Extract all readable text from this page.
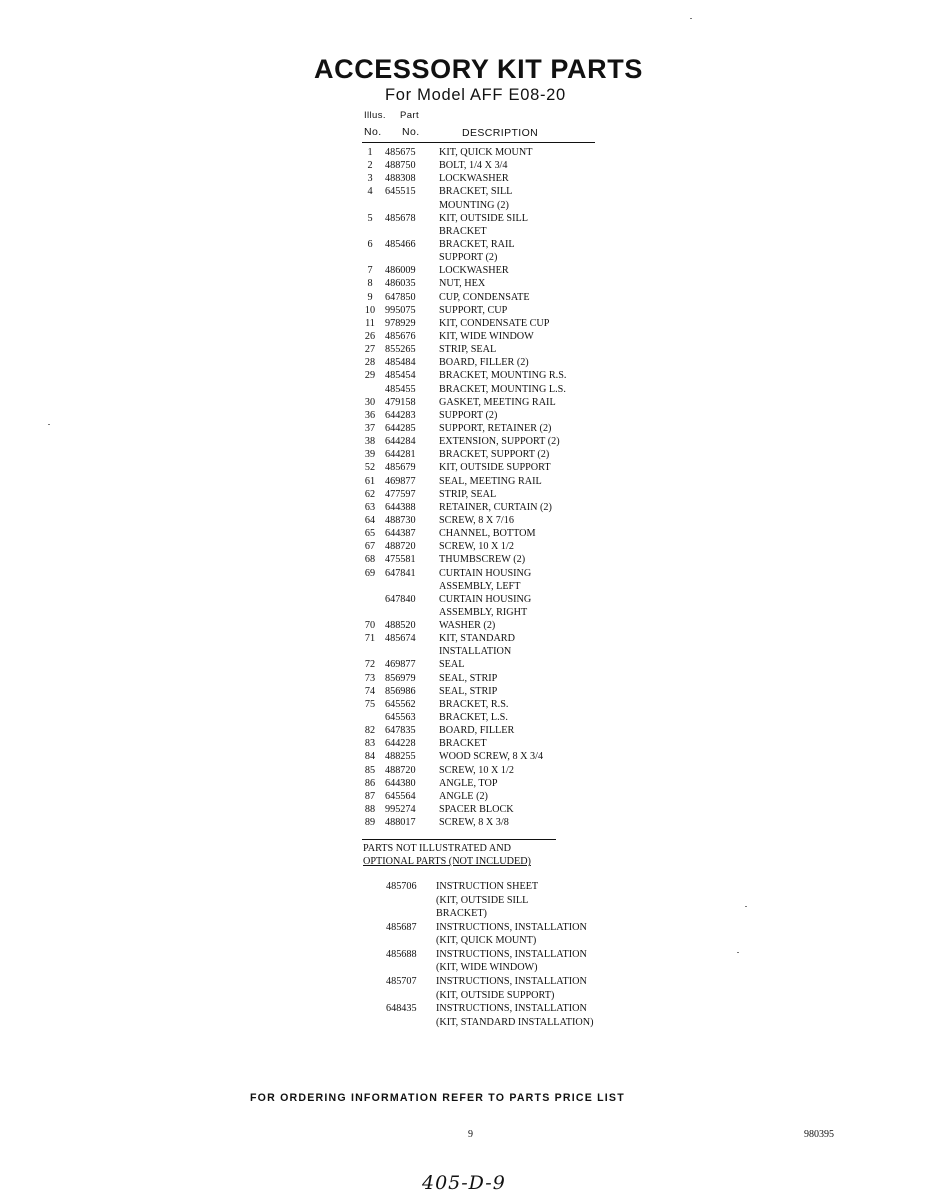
ACCESSORY KIT PARTS
For Model AFF E08-20
Illus. Part
No. No.	DESCRIPTION
1	485675 KIT, QUICK MOUNT
2	488750 BOLT, 1/4 X 3/4
3	488308 LOCKWASHER
4	645515 BRACKET, SILL
MOUNTING (2)
5	485678 KIT, OUTSIDE SILL
BRACKET
6	485466 BRACKET, RAIL
SUPPORT (2)
7	486009 LOCKWASHER
8	486035 NUT, HEX
9	647850 CUP, CONDENSATE
10 995075 SUPPORT, CUP
11 978929 KIT, CONDENSATE CUP
26 485676 KIT, WIDE WINDOW
27 855265 STRIP, SEAL
28 485484 BOARD, FILLER (2)
29 485454 BRACKET, MOUNTING R.S.
485455 BRACKET, MOUNTING L.S.
30 479158 GASKET, MEETING RAIL
36 644283 SUPPORT (2)
37 644285 SUPPORT, RETAINER (2)
38 644284 EXTENSION, SUPPORT (2)
39 644281 BRACKET, SUPPORT (2)
52 485679 KIT, OUTSIDE SUPPORT
61 469877 SEAL, MEETING RAIL
62 477597 STRIP, SEAL
63 644388 RETAINER, CURTAIN (2)
64 488730 SCREW, 8 X 7/16
65 644387 CHANNEL, BOTTOM
67 488720 SCREW, 10 X 1/2
68 475581 THUMBSCREW (2)
69 647841 CURTAIN HOUSING
ASSEMBLY, LEFT
647840 CURTAIN HOUSING
ASSEMBLY, RIGHT
70 488520 WASHER (2)
71 485674 KIT, STANDARD
INSTALLATION
72 469877 SEAL
73 856979 SEAL, STRIP
74 856986 SEAL, STRIP
75 645562 BRACKET, R.S.
645563 BRACKET, L.S.
82 647835 BOARD, FILLER
83 644228 BRACKET
84 488255 WOOD SCREW, 8 X 3/4
85 488720 SCREW, 10 X 1/2
86 644380 ANGLE, TOP
87 645564 ANGLE (2)
88 995274 SPACER BLOCK
89 488017 SCREW, 8 X 3/8
PARTS NOT ILLUSTRATED AND
OPTIONAL PARTS (NOT INCLUDED)
485706 INSTRUCTION SHEET
(KIT, OUTSIDE SILL
BRACKET)
485687 INSTRUCTIONS, INSTALLATION
(KIT, QUICK MOUNT)
485688 INSTRUCTIONS, INSTALLATION
(KIT, WIDE WINDOW)
485707 INSTRUCTIONS, INSTALLATION
(KIT, OUTSIDE SUPPORT)
648435 INSTRUCTIONS, INSTALLATION
(KIT, STANDARD INSTALLATION)
FOR ORDERING INFORMATION REFER TO PARTS PRICE LIST
9	980395
405-D-9
